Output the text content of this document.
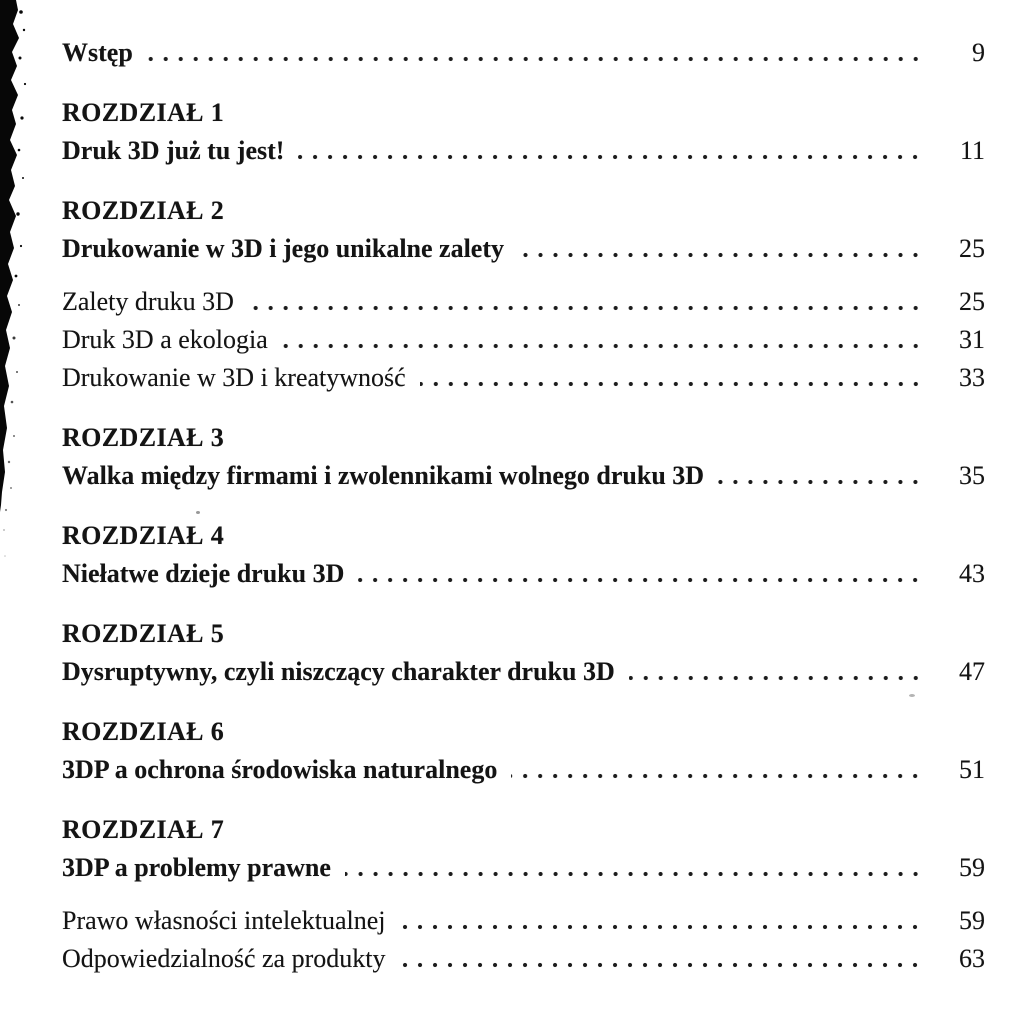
Wstęp	9
ROZDZIAŁ 1
Druk 3D już tu jest!	11
ROZDZIAŁ 2
Drukowanie w 3D i jego unikalne zalety	25
Zalety druku 3D	25
Druk 3D a ekologia	31
Drukowanie w 3D i kreatywność	33
ROZDZIAŁ 3
Walka między firmami i zwolennikami wolnego druku 3D	35
ROZDZIAŁ 4
Niełatwe dzieje druku 3D	43
ROZDZIAŁ 5
Dysruptywny, czyli niszczący charakter druku 3D	47
ROZDZIAŁ 6
3DP a ochrona środowiska naturalnego	51
ROZDZIAŁ 7
3DP a problemy prawne	59
Prawo własności intelektualnej	59
Odpowiedzialność za produkty	63
